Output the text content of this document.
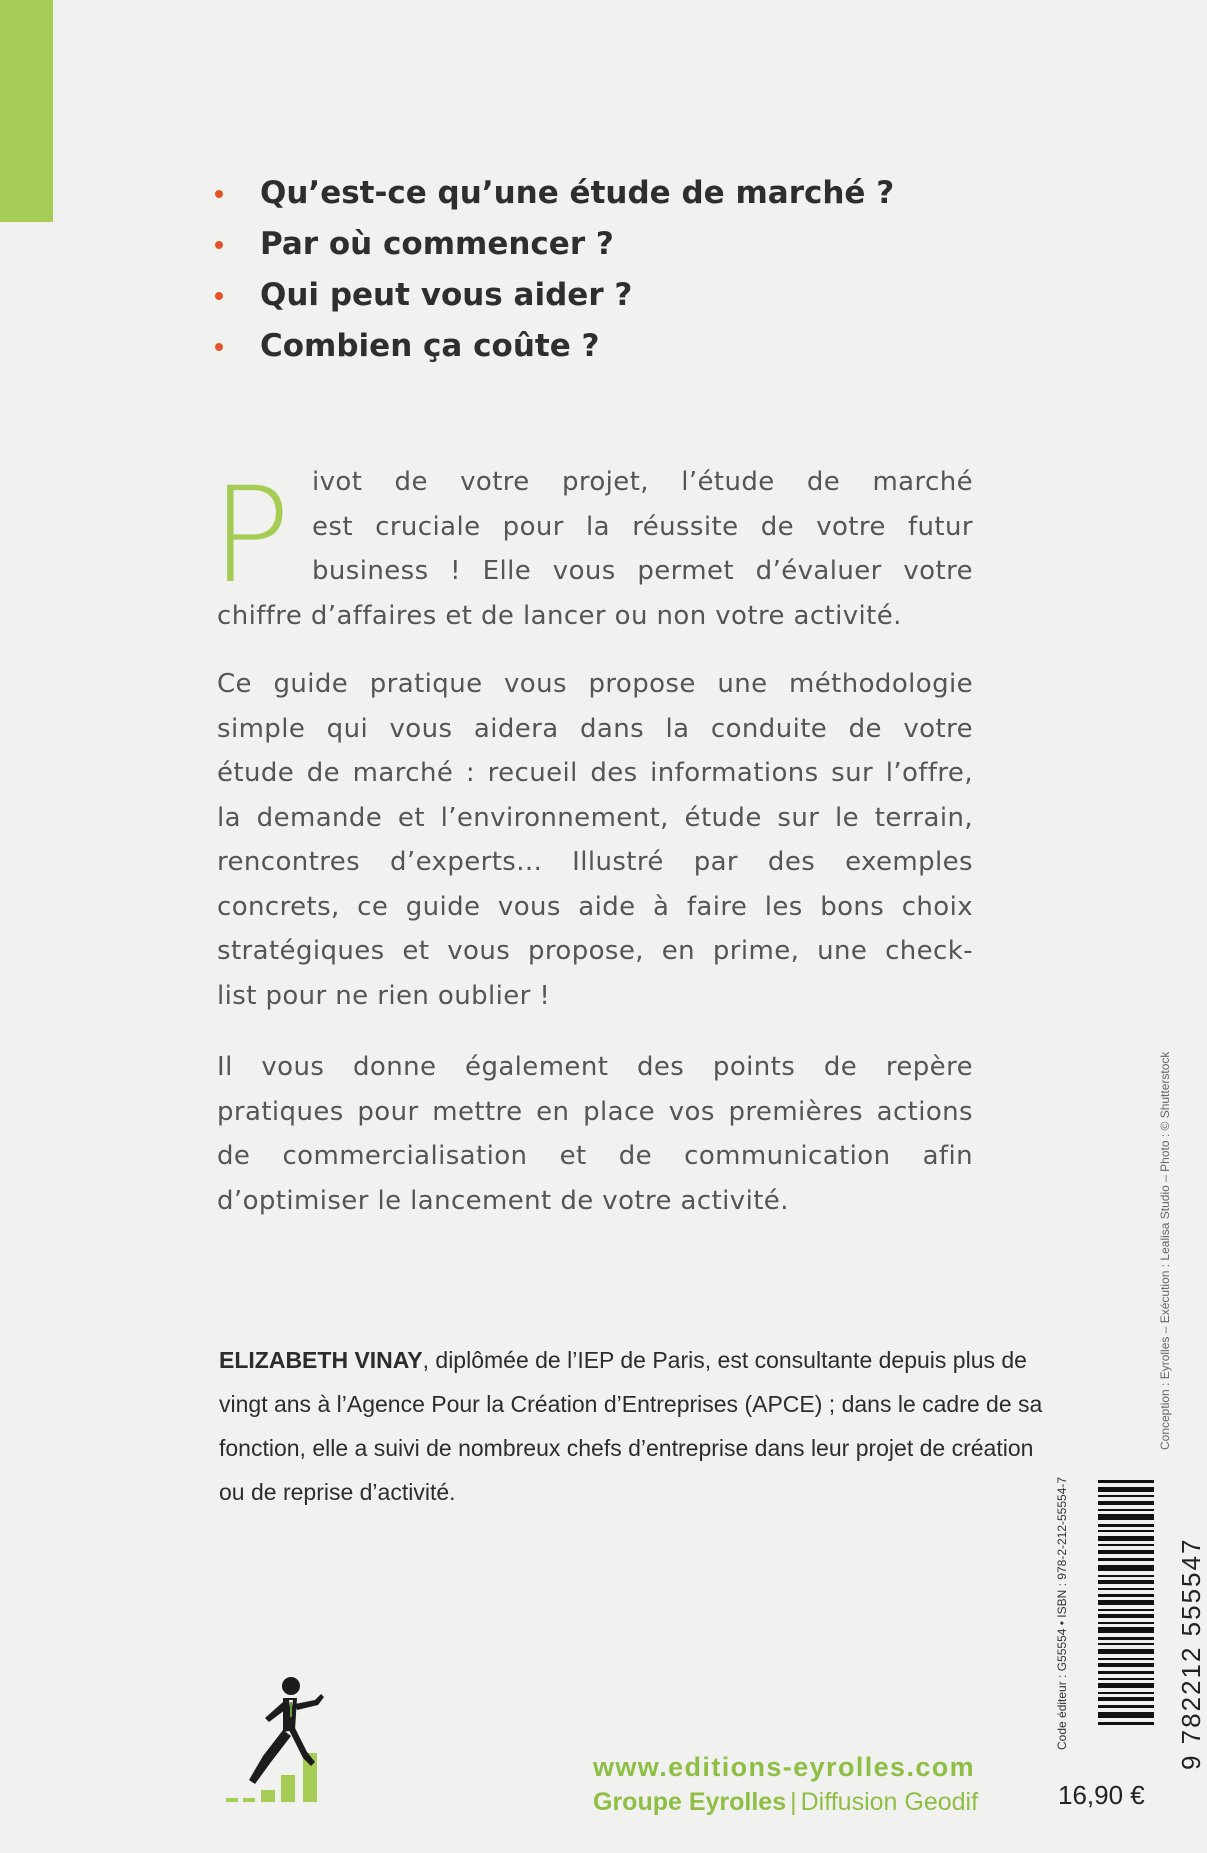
Qu’est-ce qu’une étude de marché ?
Par où commencer ?
Qui peut vous aider ?
Combien ça coûte ?
P ivot de votre projet, l’étude de marché
est cruciale pour la réussite de votre futur
business ! Elle vous permet d’évaluer votre
chiffre d’affaires et de lancer ou non votre activité.
Ce guide pratique vous propose une méthodologie
simple qui vous aidera dans la conduite de votre
étude de marché : recueil des informations sur l’offre,
la demande et l’environnement, étude sur le terrain,
rencontres d’experts... Illustré par des exemples
concrets, ce guide vous aide à faire les bons choix
stratégiques et vous propose, en prime, une check-
list pour ne rien oublier !
Il vous donne également des points de repère
pratiques pour mettre en place vos premières actions
de commercialisation et de communication afin
d’optimiser le lancement de votre activité.
ELIZABETH VINAY, diplômée de l’IEP de Paris, est consultante depuis plus de
vingt ans à l’Agence Pour la Création d’Entreprises (APCE) ; dans le cadre de sa
fonction, elle a suivi de nombreux chefs d’entreprise dans leur projet de création
ou de reprise d’activité.
Conception : Eyrolles – Exécution : Lealisa Studio – Photo : © Shutterstock
Code éditeur : G55554 • ISBN : 978-2-212-55554-7	9 782212 555547
16,90 €
www.editions-eyrolles.com
Groupe Eyrolles | Diffusion Geodif
